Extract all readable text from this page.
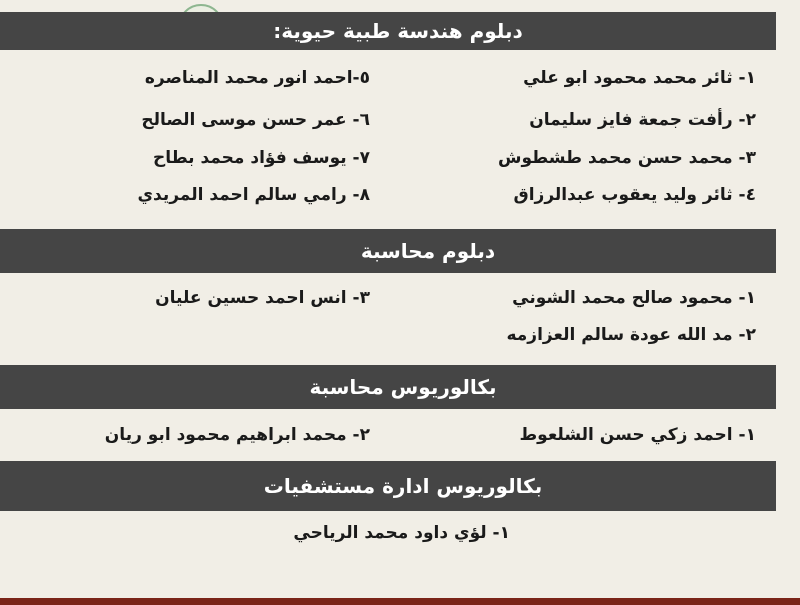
دبلوم هندسة طبية حيوية:
١- ثائر محمد محمود ابو علي
٢- رأفت جمعة فايز سليمان
٣- محمد حسن محمد طشطوش
٤- ثائر وليد يعقوب عبدالرزاق
٥-احمد انور محمد المناصره
٦- عمر حسن موسى الصالح
٧- يوسف فؤاد محمد بطاح
٨- رامي سالم احمد المريدي
دبلوم محاسبة
١- محمود صالح محمد الشوني
٢- مد الله عودة سالم العزازمه
٣- انس احمد حسين عليان
بكالوريوس محاسبة
١- احمد زكي حسن الشلعوط
٢- محمد ابراهيم محمود ابو ريان
بكالوريوس ادارة مستشفيات
١- لؤي داود محمد الرياحي
